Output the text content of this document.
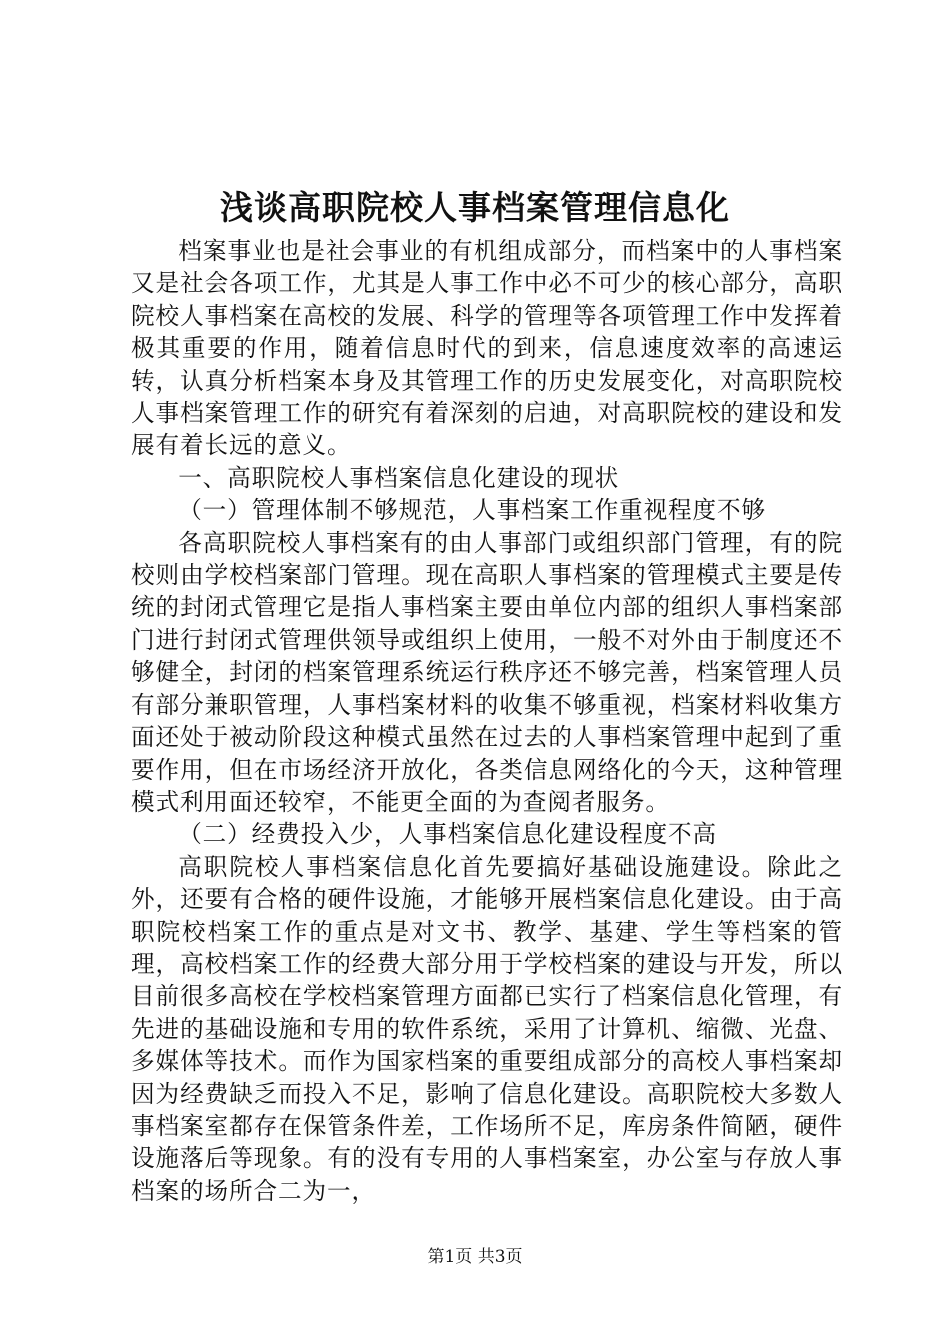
浅谈高职院校人事档案管理信息化

档案事业也是社会事业的有机组成部分，而档案中的人事档案又是社会各项工作，尤其是人事工作中必不可少的核心部分，高职院校人事档案在高校的发展、科学的管理等各项管理工作中发挥着极其重要的作用，随着信息时代的到来，信息速度效率的高速运转，认真分析档案本身及其管理工作的历史发展变化，对高职院校人事档案管理工作的研究有着深刻的启迪，对高职院校的建设和发展有着长远的意义。

一、高职院校人事档案信息化建设的现状

（一）管理体制不够规范，人事档案工作重视程度不够

各高职院校人事档案有的由人事部门或组织部门管理，有的院校则由学校档案部门管理。现在高职人事档案的管理模式主要是传统的封闭式管理它是指人事档案主要由单位内部的组织人事档案部门进行封闭式管理供领导或组织上使用，一般不对外由于制度还不够健全，封闭的档案管理系统运行秩序还不够完善，档案管理人员有部分兼职管理，人事档案材料的收集不够重视，档案材料收集方面还处于被动阶段这种模式虽然在过去的人事档案管理中起到了重要作用，但在市场经济开放化，各类信息网络化的今天，这种管理模式利用面还较窄，不能更全面的为查阅者服务。

（二）经费投入少，人事档案信息化建设程度不高

高职院校人事档案信息化首先要搞好基础设施建设。除此之外，还要有合格的硬件设施，才能够开展档案信息化建设。由于高职院校档案工作的重点是对文书、教学、基建、学生等档案的管理，高校档案工作的经费大部分用于学校档案的建设与开发，所以目前很多高校在学校档案管理方面都已实行了档案信息化管理，有先进的基础设施和专用的软件系统，采用了计算机、缩微、光盘、多媒体等技术。而作为国家档案的重要组成部分的高校人事档案却因为经费缺乏而投入不足，影响了信息化建设。高职院校大多数人事档案室都存在保管条件差，工作场所不足，库房条件简陋，硬件设施落后等现象。有的没有专用的人事档案室，办公室与存放人事档案的场所合二为一，

第1页 共3页
